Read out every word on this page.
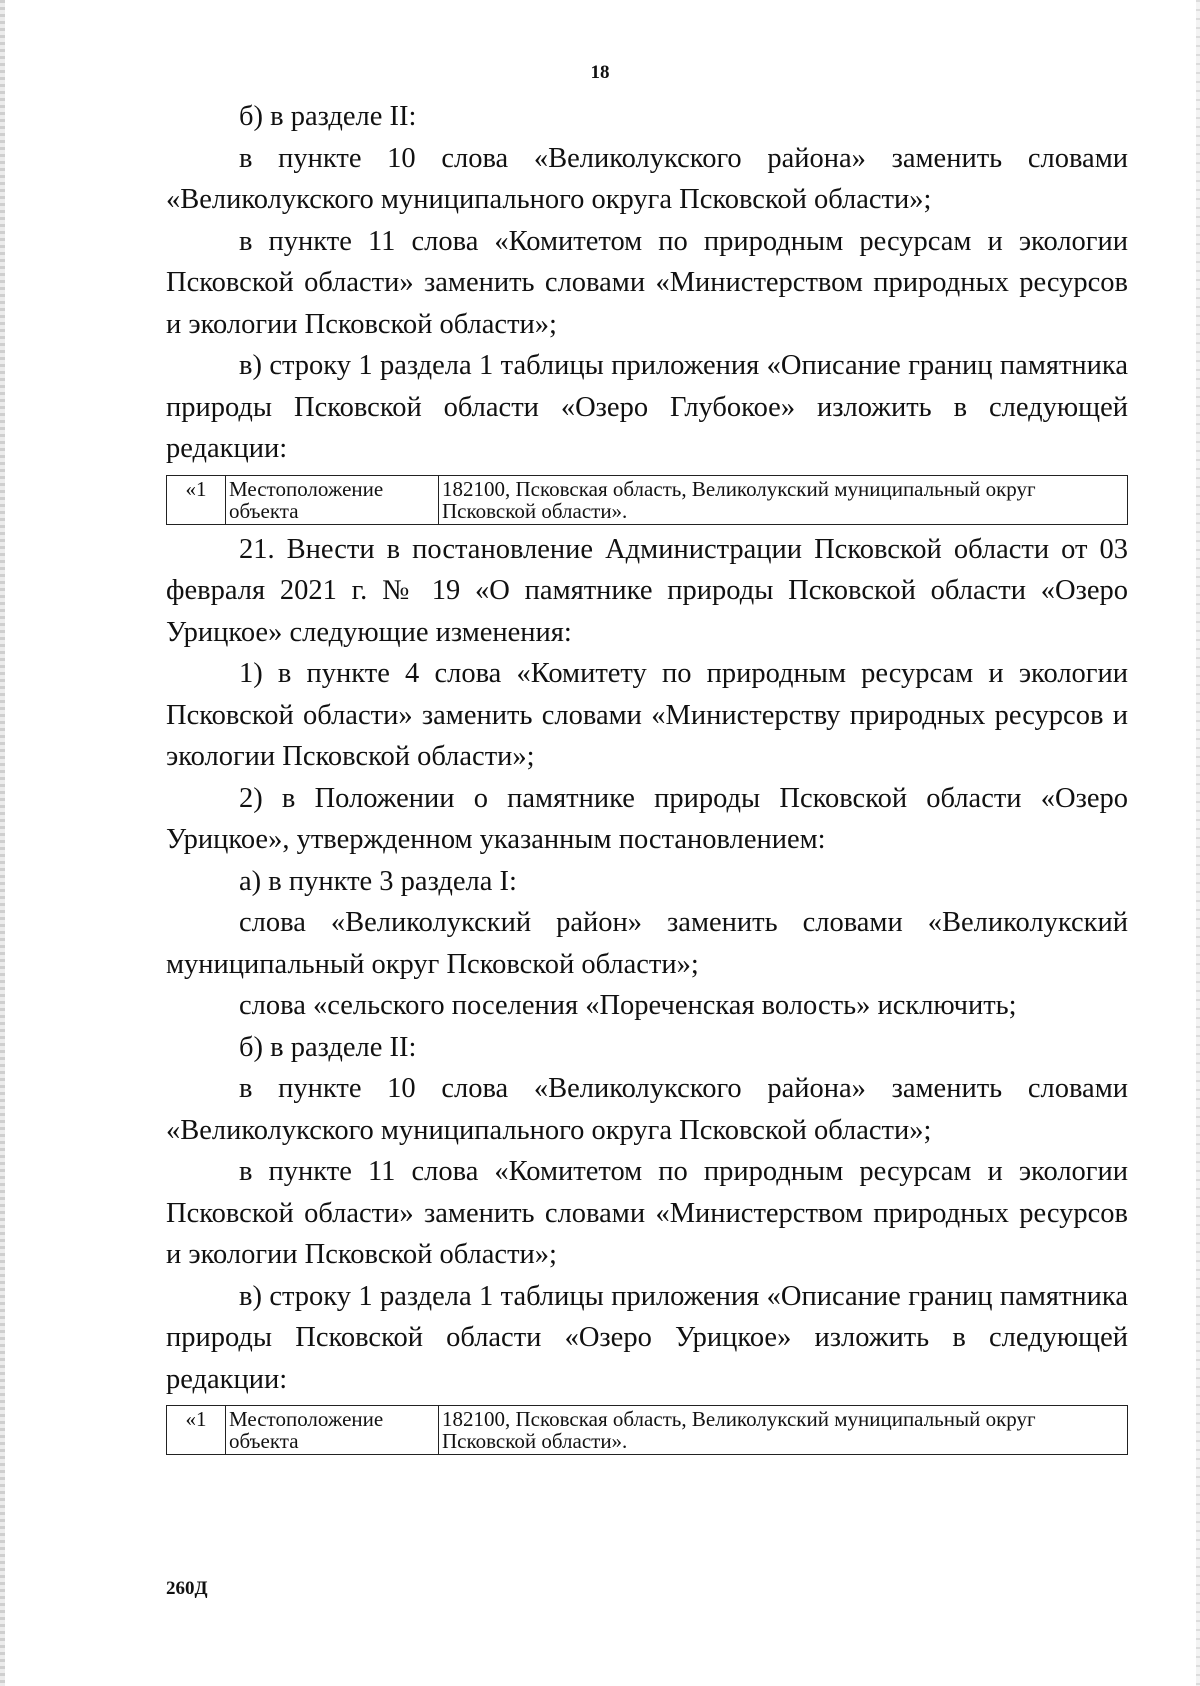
18

б) в разделе II:

в пункте 10 слова «Великолукского района» заменить словами «Великолукского муниципального округа Псковской области»;

в пункте 11 слова «Комитетом по природным ресурсам и экологии Псковской области» заменить словами «Министерством природных ресурсов и экологии Псковской области»;

в) строку 1 раздела 1 таблицы приложения «Описание границ памятника природы Псковской области «Озеро Глубокое» изложить в следующей редакции:

«1	Местоположение объекта	182100, Псковская область, Великолукский муниципальный округ Псковской области».

21. Внести в постановление Администрации Псковской области от 03 февраля 2021 г. № 19 «О памятнике природы Псковской области «Озеро Урицкое» следующие изменения:

1) в пункте 4 слова «Комитету по природным ресурсам и экологии Псковской области» заменить словами «Министерству природных ресурсов и экологии Псковской области»;

2) в Положении о памятнике природы Псковской области «Озеро Урицкое», утвержденном указанным постановлением:

а) в пункте 3 раздела I:

слова «Великолукский район» заменить словами «Великолукский муниципальный округ Псковской области»;

слова «сельского поселения «Пореченская волость» исключить;

б) в разделе II:

в пункте 10 слова «Великолукского района» заменить словами «Великолукского муниципального округа Псковской области»;

в пункте 11 слова «Комитетом по природным ресурсам и экологии Псковской области» заменить словами «Министерством природных ресурсов и экологии Псковской области»;

в) строку 1 раздела 1 таблицы приложения «Описание границ памятника природы Псковской области «Озеро Урицкое» изложить в следующей редакции:

«1	Местоположение объекта	182100, Псковская область, Великолукский муниципальный округ Псковской области».
260Д
